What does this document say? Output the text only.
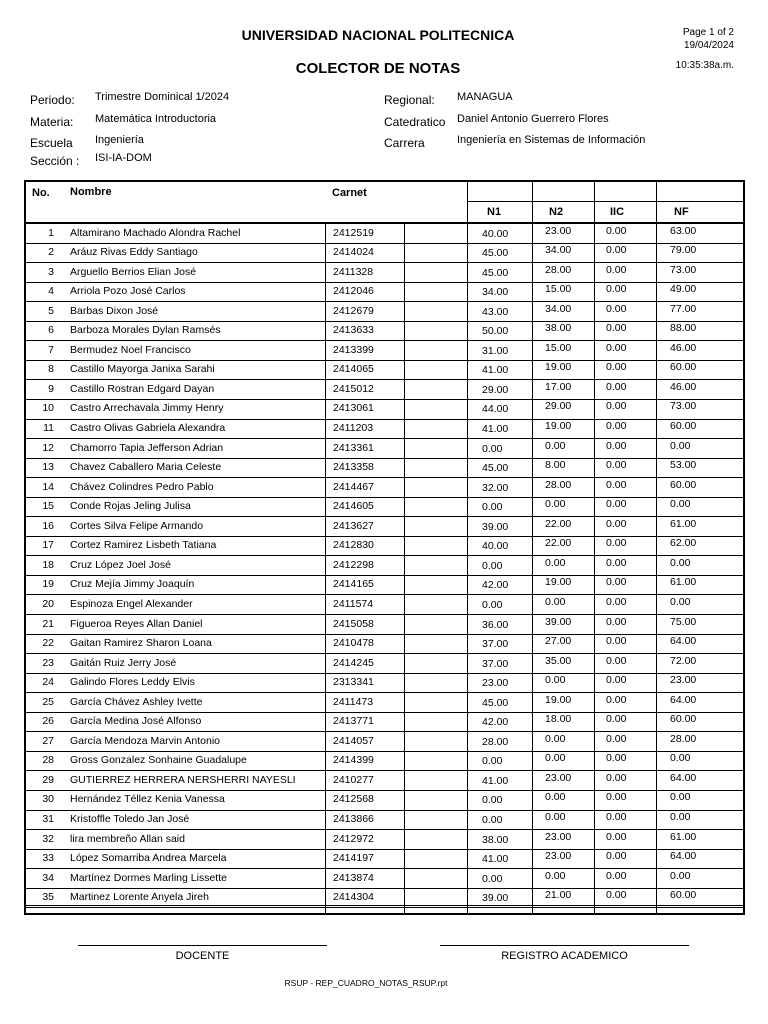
UNIVERSIDAD NACIONAL POLITECNICA
COLECTOR DE NOTAS
Page 1 of 2
19/04/2024
10:35:38a.m.
Periodo: Trimestre Dominical 1/2024
Materia: Matemática Introductoria
Escuela Ingeniería
Sección : ISI-IA-DOM
Regional: MANAGUA
Catedratico Daniel Antonio Guerrero Flores
Carrera	Ingeniería en Sistemas de Información
No. Nombre	Carnet
N1	N2	IIC	NF
1 Altamirano Machado Alondra Rachel	2412519	40.00	23.00	0.00	63.00
2 Aráuz Rivas Eddy Santiago	2414024	45.00	34.00	0.00	79.00
3 Arguello Berrios Elian José	2411328	45.00	28.00	0.00	73.00
4 Arriola Pozo José Carlos	2412046	34.00	15.00	0.00	49.00
5 Barbas Dixon José	2412679	43.00	34.00	0.00	77.00
6 Barboza Morales Dylan Ramsés	2413633	50.00	38.00	0.00	88.00
7 Bermudez Noel Francisco	2413399	31.00	15.00	0.00	46.00
8 Castillo Mayorga Janixa Sarahi	2414065	41.00	19.00	0.00	60.00
9 Castillo Rostran Edgard Dayan	2415012	29.00	17.00	0.00	46.00
10 Castro Arrechavala Jimmy Henry	2413061	44.00	29.00	0.00	73.00
11 Castro Olivas Gabriela Alexandra	2411203	41.00	19.00	0.00	60.00
12 Chamorro Tapia Jefferson Adrian	2413361	0.00	0.00	0.00	0.00
13 Chavez Caballero Maria Celeste	2413358	45.00	8.00	0.00	53.00
14 Chávez Colindres Pedro Pablo	2414467	32.00	28.00	0.00	60.00
15 Conde Rojas Jeling Julisa	2414605	0.00	0.00	0.00	0.00
16 Cortes Silva Felipe Armando	2413627	39.00	22.00	0.00	61.00
17 Cortez Ramirez Lisbeth Tatiana	2412830	40.00	22.00	0.00	62.00
18 Cruz López Joel José	2412298	0.00	0.00	0.00	0.00
19 Cruz Mejía Jimmy Joaquín	2414165	42.00	19.00	0.00	61.00
20 Espinoza Engel Alexander	2411574	0.00	0.00	0.00	0.00
21 Figueroa Reyes Allan Daniel	2415058	36.00	39.00	0.00	75.00
22 Gaitan Ramirez Sharon Loana	2410478	37.00	27.00	0.00	64.00
23 Gaitán Ruiz Jerry José	2414245	37.00	35.00	0.00	72.00
24 Galindo Flores Leddy Elvis	2313341	23.00	0.00	0.00	23.00
25 García Chávez Ashley Ivette	2411473	45.00	19.00	0.00	64.00
26 García Medina José Alfonso	2413771	42.00	18.00	0.00	60.00
27 García Mendoza Marvin Antonio	2414057	28.00	0.00	0.00	28.00
28 Gross Gonzalez Sonhaine Guadalupe	2414399	0.00	0.00	0.00	0.00
29 GUTIERREZ HERRERA NERSHERRI NAYESLI	2410277	41.00	23.00	0.00	64.00
30 Hernández Téllez Kenia Vanessa	2412568	0.00	0.00	0.00	0.00
31 Kristoffle Toledo Jan José	2413866	0.00	0.00	0.00	0.00
32 lira membreño Allan said	2412972	38.00	23.00	0.00	61.00
33 López Somarriba Andrea Marcela	2414197	41.00	23.00	0.00	64.00
34 Martínez Dormes Marling Lissette	2413874	0.00	0.00	0.00	0.00
35 Martinez Lorente Anyela Jireh	2414304	39.00	21.00	0.00	60.00
DOCENTE	REGISTRO ACADEMICO
RSUP - REP_CUADRO_NOTAS_RSUP.rpt
